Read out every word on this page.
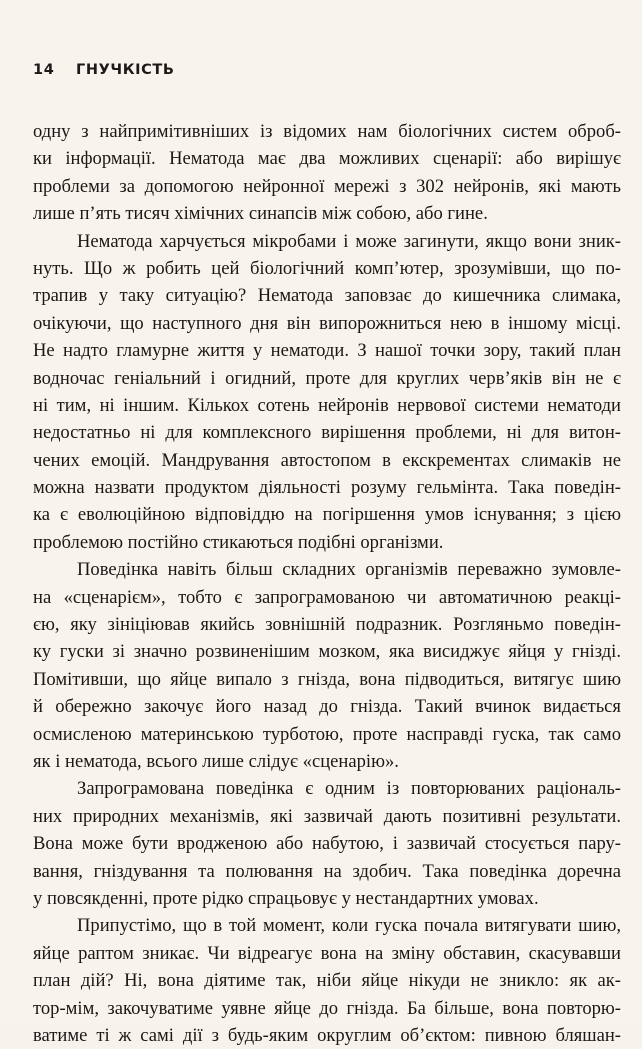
14 ГНУЧКІСТЬ
одну з найпримітивніших із відомих нам біологічних систем оброб-
ки інформації. Нематода має два можливих сценарії: або вирішує
проблеми за допомогою нейронної мережі з 302 нейронів, які мають
лише п’ять тисяч хімічних синапсів між собою, або гине.
Нематода харчується мікробами і може загинути, якщо вони зник-
нуть. Що ж робить цей біологічний комп’ютер, зрозумівши, що по-
трапив у таку ситуацію? Нематода заповзає до кишечника слимака,
очікуючи, що наступного дня він випорожниться нею в іншому місці.
Не надто гламурне життя у нематоди. З нашої точки зору, такий план
водночас геніальний і огидний, проте для круглих черв’яків він не є
ні тим, ні іншим. Кількох сотень нейронів нервової системи нематоди
недостатньо ні для комплексного вирішення проблеми, ні для витон-
чених емоцій. Мандрування автостопом в екскрементах слимаків не
можна назвати продуктом діяльності розуму гельмінта. Така поведін-
ка є еволюційною відповіддю на погіршення умов існування; з цією
проблемою постійно стикаються подібні організми.
Поведінка навіть більш складних організмів переважно зумовле-
на «сценарієм», тобто є запрограмованою чи автоматичною реакці-
єю, яку зініціював якийсь зовнішній подразник. Розгляньмо поведін-
ку гуски зі значно розвиненішим мозком, яка висиджує яйця у гнізді.
Помітивши, що яйце випало з гнізда, вона підводиться, витягує шию
й обережно закочує його назад до гнізда. Такий вчинок видається
осмисленою материнською турботою, проте насправді гуска, так само
як і нематода, всього лише слідує «сценарію».
Запрограмована поведінка є одним із повторюваних раціональ-
них природних механізмів, які зазвичай дають позитивні результати.
Вона може бути вродженою або набутою, і зазвичай стосується пару-
вання, гніздування та полювання на здобич. Така поведінка доречна
у повсякденні, проте рідко спрацьовує у нестандартних умовах.
Припустімо, що в той момент, коли гуска почала витягувати шию,
яйце раптом зникає. Чи відреагує вона на зміну обставин, скасувавши
план дій? Ні, вона діятиме так, ніби яйце нікуди не зникло: як ак-
тор-мім, закочуватиме уявне яйце до гнізда. Ба більше, вона повторю-
ватиме ті ж самі дії з будь-яким округлим об’єктом: пивною бляшан-
